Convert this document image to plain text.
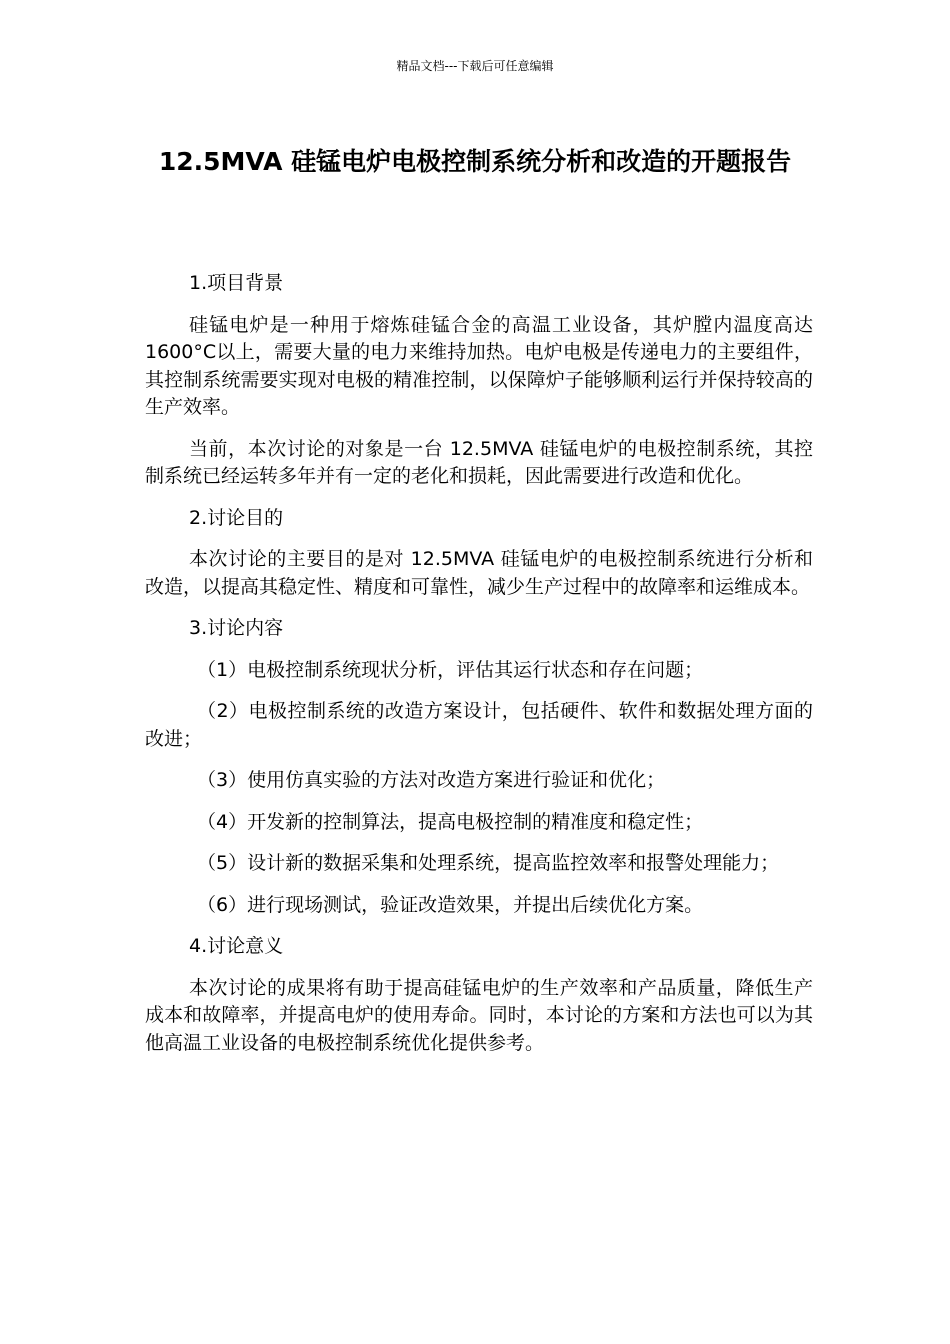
精品文档---下载后可任意编辑
12.5MVA 硅锰电炉电极控制系统分析和改造的开题报告

1.项目背景

硅锰电炉是一种用于熔炼硅锰合金的高温工业设备，其炉膛内温度高达 1600°C以上，需要大量的电力来维持加热。电炉电极是传递电力的主要组件，其控制系统需要实现对电极的精准控制，以保障炉子能够顺利运行并保持较高的生产效率。

当前，本次讨论的对象是一台 12.5MVA 硅锰电炉的电极控制系统，其控制系统已经运转多年并有一定的老化和损耗，因此需要进行改造和优化。

2.讨论目的

本次讨论的主要目的是对 12.5MVA 硅锰电炉的电极控制系统进行分析和改造，以提高其稳定性、精度和可靠性，减少生产过程中的故障率和运维成本。

3.讨论内容

（1）电极控制系统现状分析，评估其运行状态和存在问题；

（2）电极控制系统的改造方案设计，包括硬件、软件和数据处理方面的改进；

（3）使用仿真实验的方法对改造方案进行验证和优化；

（4）开发新的控制算法，提高电极控制的精准度和稳定性；

（5）设计新的数据采集和处理系统，提高监控效率和报警处理能力；

（6）进行现场测试，验证改造效果，并提出后续优化方案。

4.讨论意义

本次讨论的成果将有助于提高硅锰电炉的生产效率和产品质量，降低生产成本和故障率，并提高电炉的使用寿命。同时，本讨论的方案和方法也可以为其他高温工业设备的电极控制系统优化提供参考。
